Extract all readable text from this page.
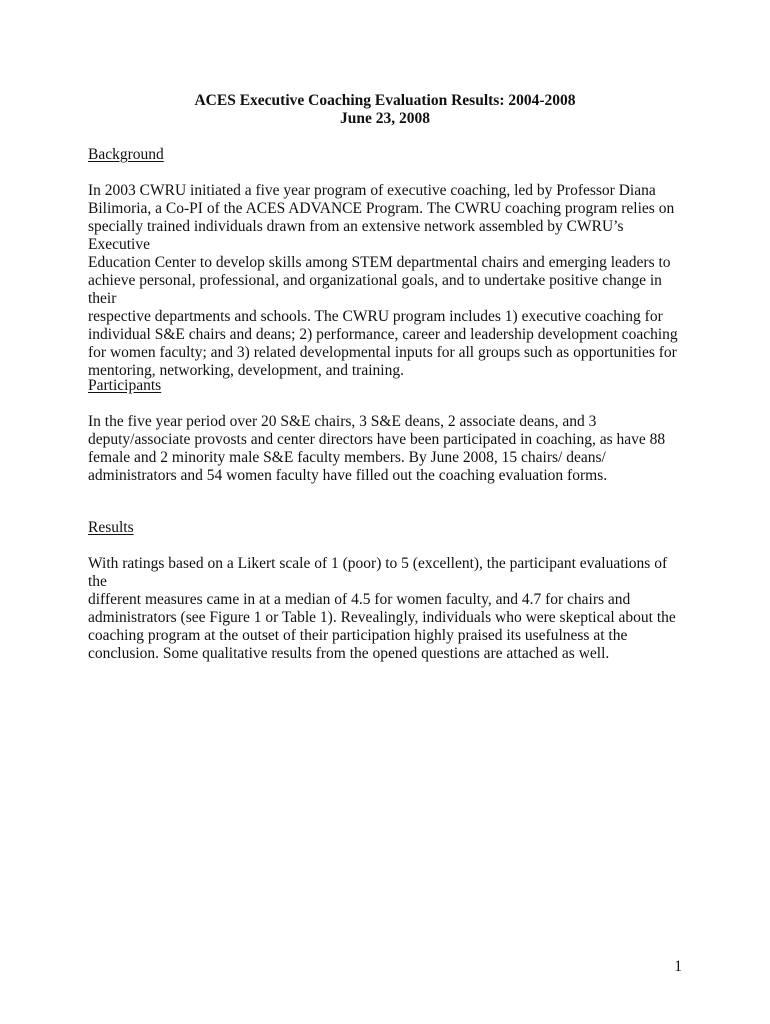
ACES Executive Coaching Evaluation Results: 2004-2008
June 23, 2008
Background
In 2003 CWRU initiated a five year program of executive coaching, led by Professor Diana
Bilimoria, a Co-PI of the ACES ADVANCE Program. The CWRU coaching program relies on
specially trained individuals drawn from an extensive network assembled by CWRU’s Executive
Education Center to develop skills among STEM departmental chairs and emerging leaders to
achieve personal, professional, and organizational goals, and to undertake positive change in their
respective departments and schools. The CWRU program includes 1) executive coaching for
individual S&E chairs and deans; 2) performance, career and leadership development coaching
for women faculty; and 3) related developmental inputs for all groups such as opportunities for
mentoring, networking, development, and training.
Participants
In the five year period over 20 S&E chairs, 3 S&E deans, 2 associate deans, and 3
deputy/associate provosts and center directors have been participated in coaching, as have 88
female and 2 minority male S&E faculty members. By June 2008, 15 chairs/ deans/
administrators and 54 women faculty have filled out the coaching evaluation forms.
Results
With ratings based on a Likert scale of 1 (poor) to 5 (excellent), the participant evaluations of the
different measures came in at a median of 4.5 for women faculty, and 4.7 for chairs and
administrators (see Figure 1 or Table 1). Revealingly, individuals who were skeptical about the
coaching program at the outset of their participation highly praised its usefulness at the
conclusion. Some qualitative results from the opened questions are attached as well.
1
